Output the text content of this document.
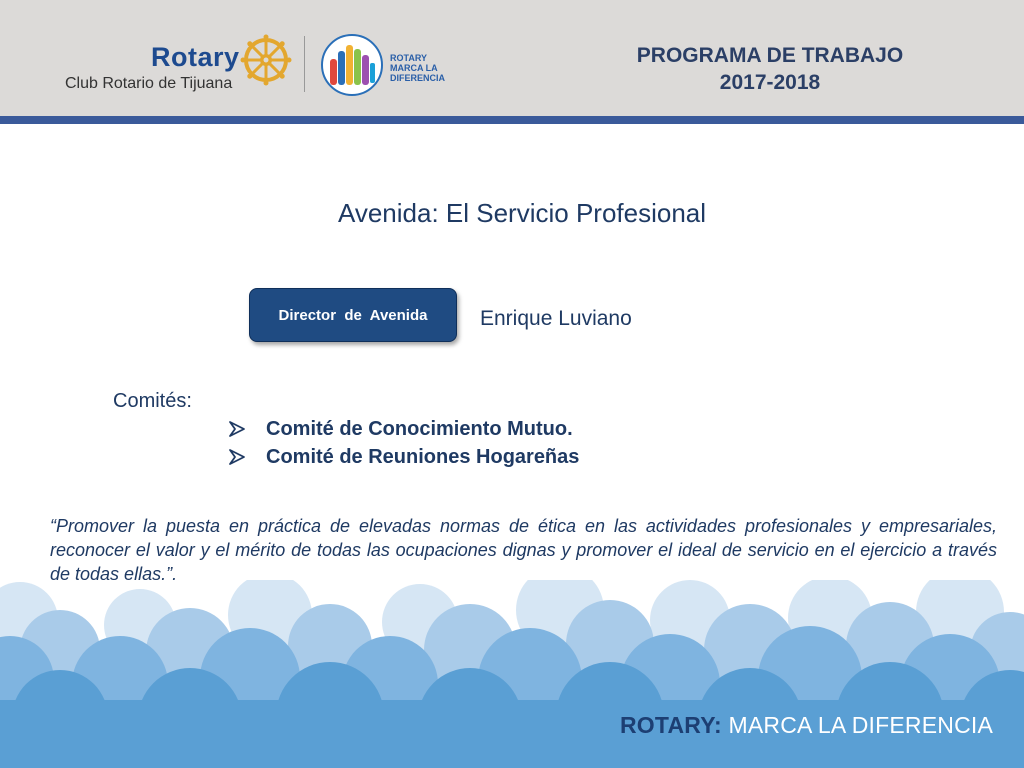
Rotary
Club Rotario de Tijuana
ROTARY
MARCA LA
DIFERENCIA
PROGRAMA DE TRABAJO
2017-2018
Avenida: El Servicio Profesional
Director  de  Avenida	Enrique Luviano
Comités:
Comité de Conocimiento Mutuo.
Comité de Reuniones Hogareñas
“Promover la puesta en práctica de elevadas normas de ética en las actividades profesionales y empresariales, reconocer el valor y el mérito de todas las ocupaciones dignas y promover el ideal de servicio en el ejercicio a través de todas ellas.”.
ROTARY: MARCA LA DIFERENCIA
